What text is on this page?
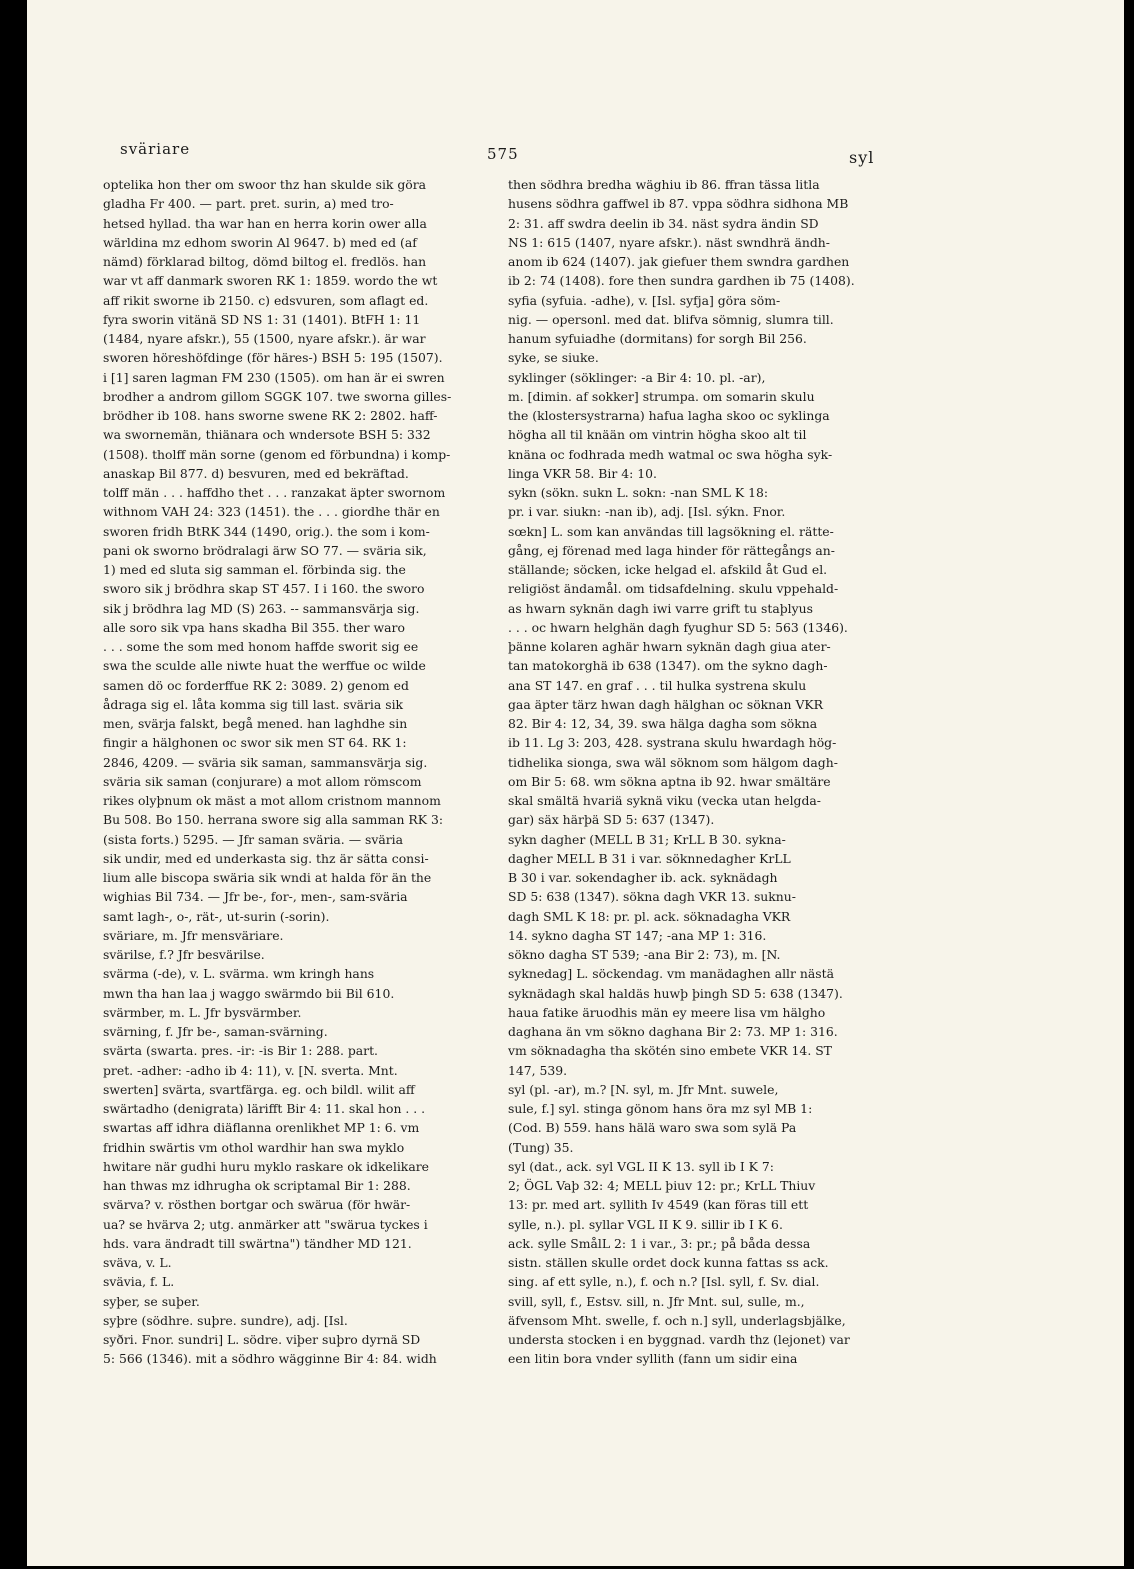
sväriare	575	syl

optelika hon ther om swoor thz han skulde sik göra

gladha Fr 400. — part. pret. surin, a) med tro-

hetsed hyllad. tha war han en herra korin ower alla

wärldina mz edhom sworin Al 9647. b) med ed (af

nämd) förklarad biltog, dömd biltog el. fredlös. han

war vt aff danmark sworen RK 1: 1859. wordo the wt

aff rikit sworne ib 2150. c) edsvuren, som aflagt ed.

fyra sworin vitänä SD NS 1: 31 (1401). BtFH 1: 11

(1484, nyare afskr.), 55 (1500, nyare afskr.). är war

sworen höreshöfdinge (för häres-) BSH 5: 195 (1507).

i [1] saren lagman FM 230 (1505). om han är ei swren

brodher a androm gillom SGGK 107. twe sworna gilles-

brödher ib 108. hans sworne swene RK 2: 2802. haff-

wa swornemän, thiänara och wndersote BSH 5: 332

(1508). tholff män sorne (genom ed förbundna) i komp-

anaskap Bil 877. d) besvuren, med ed bekräftad.

tolff män . . . haffdho thet . . . ranzakat äpter swornom

withnom VAH 24: 323 (1451). the . . . giordhe thär en

sworen fridh BtRK 344 (1490, orig.). the som i kom-

pani ok sworno brödralagi ärw SO 77. — sväria sik,

1) med ed sluta sig samman el. förbinda sig. the

sworo sik j brödhra skap ST 457. I i 160. the sworo

sik j brödhra lag MD (S) 263. -- sammansvärja sig.

alle soro sik vpa hans skadha Bil 355. ther waro

. . . some the som med honom haffde sworit sig ee

swa the sculde alle niwte huat the werffue oc wilde

samen dö oc forderffue RK 2: 3089. 2) genom ed

ådraga sig el. låta komma sig till last. sväria sik

men, svärja falskt, begå mened. han laghdhe sin

fingir a hälghonen oc swor sik men ST 64. RK 1:

2846, 4209. — sväria sik saman, sammansvärja sig.

sväria sik saman (conjurare) a mot allom römscom

rikes olyþnum ok mäst a mot allom cristnom mannom

Bu 508. Bo 150. herrana swore sig alla samman RK 3:

(sista forts.) 5295. — Jfr saman sväria. — sväria

sik undir, med ed underkasta sig. thz är sätta consi-

lium alle biscopa swäria sik wndi at halda för än the

wighias Bil 734. — Jfr be-, for-, men-, sam-sväria

samt lagh-, o-, rät-, ut-surin (-sorin).

sväriare, m. Jfr mensväriare.

svärilse, f.? Jfr besvärilse.

svärma (-de), v. L. svärma. wm kringh hans

mwn tha han laa j waggo swärmdo bii Bil 610.

svärmber, m. L. Jfr bysvärmber.

svärning, f. Jfr be-, saman-svärning.

svärta (swarta. pres. -ir: -is Bir 1: 288. part.

pret. -adher: -adho ib 4: 11), v. [N. sverta. Mnt.

swerten] svärta, svartfärga. eg. och bildl. wilit aff

swärtadho (denigrata) lärifft Bir 4: 11. skal hon . . .

swartas aff idhra diäflanna orenlikhet MP 1: 6. vm

fridhin swärtis vm othol wardhir han swa myklo

hwitare när gudhi huru myklo raskare ok idkelikare

han thwas mz idhrugha ok scriptamal Bir 1: 288.

svärva? v. rösthen bortgar och swärua (för hwär-

ua? se hvärva 2; utg. anmärker att "swärua tyckes i

hds. vara ändradt till swärtna") tändher MD 121.

sväva, v. L.

svävia, f. L.

syþer, se suþer.

syþre (södhre. suþre. sundre), adj. [Isl.

syðri. Fnor. sundri] L. södre. viþer suþro dyrnä SD

5: 566 (1346). mit a södhro wägginne Bir 4: 84. widh

then södhra bredha wäghiu ib 86. ffran tässa litla

husens södhra gaffwel ib 87. vppa södhra sidhona MB

2: 31. aff swdra deelin ib 34. näst sydra ändin SD

NS 1: 615 (1407, nyare afskr.). näst swndhrä ändh-

anom ib 624 (1407). jak giefuer them swndra gardhen

ib 2: 74 (1408). fore then sundra gardhen ib 75 (1408).

syfia (syfuia. -adhe), v. [Isl. syfja] göra söm-

nig. — opersonl. med dat. blifva sömnig, slumra till.

hanum syfuiadhe (dormitans) for sorgh Bil 256.

syke, se siuke.

syklinger (söklinger: -a Bir 4: 10. pl. -ar),

m. [dimin. af sokker] strumpa. om somarin skulu

the (klostersystrarna) hafua lagha skoo oc syklinga

högha all til knään om vintrin högha skoo alt til

knäna oc fodhrada medh watmal oc swa högha syk-

linga VKR 58. Bir 4: 10.

sykn (sökn. sukn L. sokn: -nan SML K 18:

pr. i var. siukn: -nan ib), adj. [Isl. sýkn. Fnor.

sœkn] L. som kan användas till lagsökning el. rätte-

gång, ej förenad med laga hinder för rättegångs an-

ställande; söcken, icke helgad el. afskild åt Gud el.

religiöst ändamål. om tidsafdelning. skulu vppehald-

as hwarn syknän dagh iwi varre grift tu staþlyus

. . . oc hwarn helghän dagh fyughur SD 5: 563 (1346).

þänne kolaren aghär hwarn syknän dagh giua ater-

tan matokorghä ib 638 (1347). om the sykno dagh-

ana ST 147. en graf . . . til hulka systrena skulu

gaa äpter tärz hwan dagh hälghan oc söknan VKR

82. Bir 4: 12, 34, 39. swa hälga dagha som sökna

ib 11. Lg 3: 203, 428. systrana skulu hwardagh hög-

tidhelika sionga, swa wäl söknom som hälgom dagh-

om Bir 5: 68. wm sökna aptna ib 92. hwar smältäre

skal smältä hvariä syknä viku (vecka utan helgda-

gar) säx härþä SD 5: 637 (1347).

sykn dagher (MELL B 31; KrLL B 30. sykna-

dagher MELL B 31 i var. söknnedagher KrLL

B 30 i var. sokendagher ib. ack. syknädagh

SD 5: 638 (1347). sökna dagh VKR 13. suknu-

dagh SML K 18: pr. pl. ack. söknadagha VKR

14. sykno dagha ST 147; -ana MP 1: 316.

sökno dagha ST 539; -ana Bir 2: 73), m. [N.

syknedag] L. söckendag. vm manädaghen allr nästä

syknädagh skal haldäs huwþ þingh SD 5: 638 (1347).

haua fatike äruodhis män ey meere lisa vm hälgho

daghana än vm sökno daghana Bir 2: 73. MP 1: 316.

vm söknadagha tha skötén sino embete VKR 14. ST

147, 539.

syl (pl. -ar), m.? [N. syl, m. Jfr Mnt. suwele,

sule, f.] syl. stinga gönom hans öra mz syl MB 1:

(Cod. B) 559. hans hälä waro swa som sylä Pa

(Tung) 35.

syl (dat., ack. syl VGL II K 13. syll ib I K 7:

2; ÖGL Vaþ 32: 4; MELL þiuv 12: pr.; KrLL Thiuv

13: pr. med art. syllith Iv 4549 (kan föras till ett

sylle, n.). pl. syllar VGL II K 9. sillir ib I K 6.

ack. sylle SmålL 2: 1 i var., 3: pr.; på båda dessa

sistn. ställen skulle ordet dock kunna fattas ss ack.

sing. af ett sylle, n.), f. och n.? [Isl. syll, f. Sv. dial.

svill, syll, f., Estsv. sill, n. Jfr Mnt. sul, sulle, m.,

äfvensom Mht. swelle, f. och n.] syll, underlagsbjälke,

understa stocken i en byggnad. vardh thz (lejonet) var

een litin bora vnder syllith (fann um sidir eina
